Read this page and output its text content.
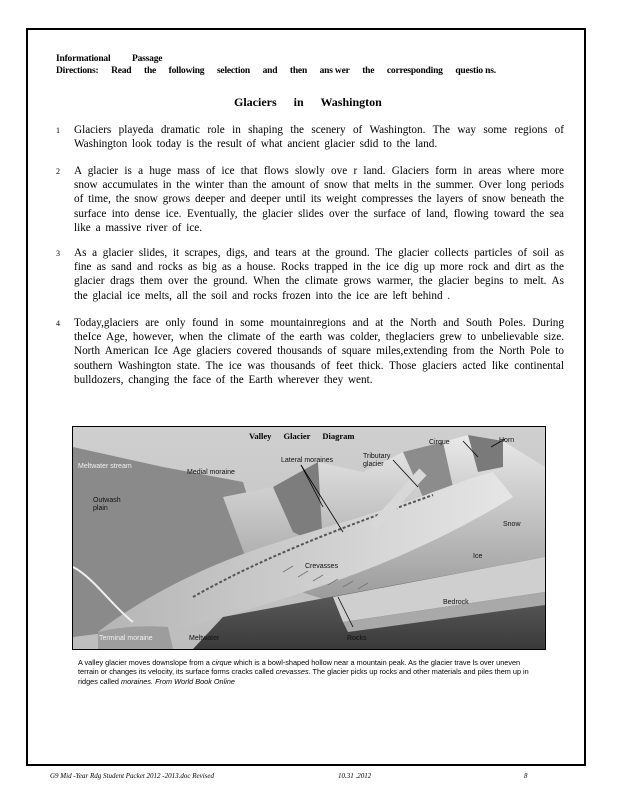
Informational Passage
Directions: Read the following selection and then ans wer the corresponding questio ns.
Glaciers in Washington
1 Glaciers playeda dramatic role in shaping the scenery of Washington. The way some regions of Washington look today is the result of what ancient glacier sdid to the land.
2 A glacier is a huge mass of ice that flows slowly ove r land. Glaciers form in areas where more snow accumulates in the winter than the amount of snow that melts in the summer. Over long periods of time, the snow grows deeper and deeper until its weight compresses the layers of snow beneath the surface into dense ice. Eventually, the glacier slides over the surface of land, flowing toward the sea like a massive river of ice.
3 As a glacier slides, it scrapes, digs, and tears at the ground. The glacier collects particles of soil as fine as sand and rocks as big as a house. Rocks trapped in the ice dig up more rock and dirt as the glacier drags them over the ground. When the climate grows warmer, the glacier begins to melt. As the glacial ice melts, all the soil and rocks frozen into the ice are left behind .
4 Today,glaciers are only found in some mountainregions and at the North and South Poles. During theIce Age, however, when the climate of the earth was colder, theglaciers grew to unbelievable size. North American Ice Age glaciers covered thousands of square miles,extending from the North Pole to southern Washington state. The ice was thousands of feet thick. Those glaciers acted like continental bulldozers, changing the face of the Earth wherever they went.
Valley Glacier Diagram
Cirque	Horn
Meltwater stream
Medial moraine
Lateral moraines
Tributary glacier
Outwash plain
Snow
Ice
Crevasses
Bedrock
Terminal moraine	Meltwater	Rocks
A valley glacier moves downslope from a cirque which is a bowl-shaped hollow near a mountain peak. As the glacier trave ls over uneven terrain or changes its velocity, its surface forms cracks called crevasses. The glacier picks up rocks and other materials and piles them up in ridges called moraines. From World Book Online
G9 Mid -Year Rdg Student Packet 2012 -2013.doc Revised	10.31 .2012	8
